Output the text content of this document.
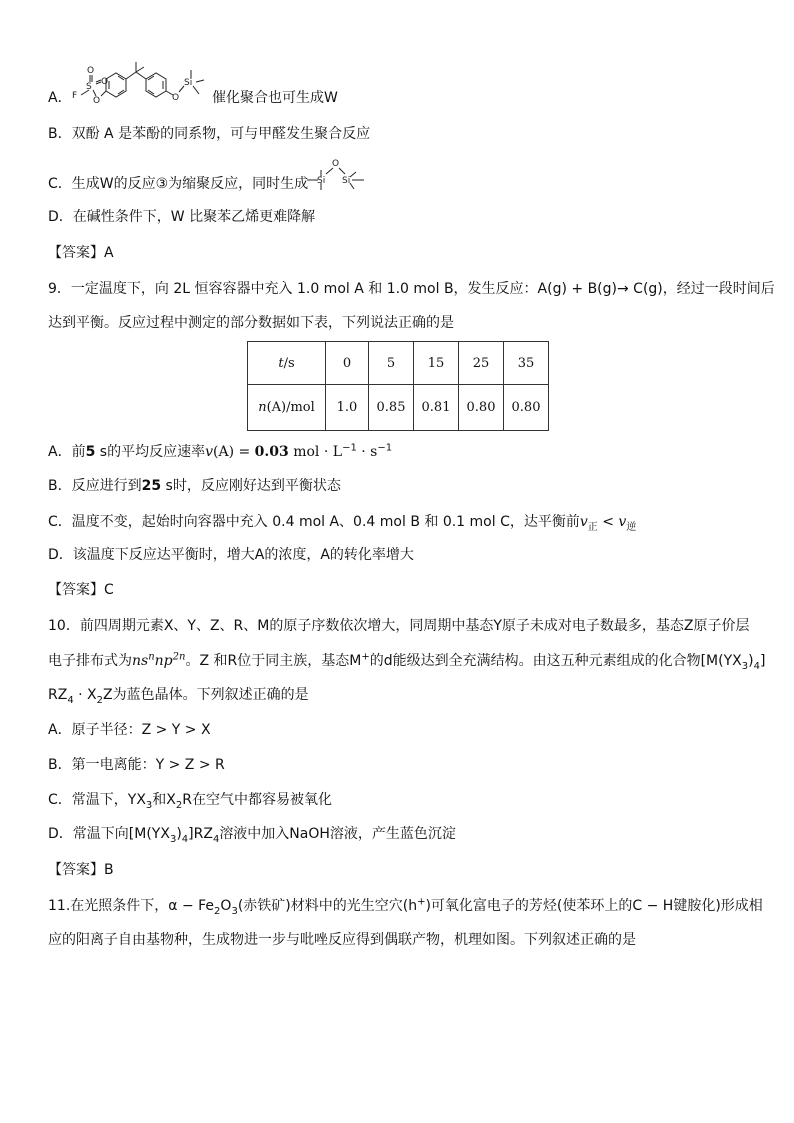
A． F
S
O
O
O	O
Si
催化聚合也可生成W
B．双酚 A 是苯酚的同系物，可与甲醛发生聚合反应
C．生成W的反应③为缩聚反应，同时生成
O
Si Si
D．在碱性条件下，W 比聚苯乙烯更难降解
【答案】A
9．一定温度下，向 2L 恒容容器中充入 1.0 mol A 和 1.0 mol B，发生反应：A(g) + B(g)→ C(g)，经过一段时间后
达到平衡。反应过程中测定的部分数据如下表，下列说法正确的是
t/s	0	5	15	25	35
n(A)/mol	1.0	0.85	0.81	0.80	0.80
A．前5 s的平均反应速率v(A) = 0.03 mol · $L^{-1} \cdot s^{-1}$
B．反应进行到25 s时，反应刚好达到平衡状态
C．温度不变，起始时向容器中充入 0.4 mol A、0.4 mol B 和 0.1 mol C，达平衡前$v_正 < v_逆$
D．该温度下反应达平衡时，增大A的浓度，A的转化率增大
【答案】C
10．前四周期元素X、Y、Z、R、M的原子序数依次增大，同周期中基态Y原子未成对电子数最多，基态Z原子价层
电子排布式为$ns^nnp^{2n}$。Z 和R位于同主族，基态M+的d能级达到全充满结构。由这五种元素组成的化合物$[M(YX_3)_4]$
$RZ_4 \cdot X_2Z$为蓝色晶体。下列叙述正确的是
A．原子半径：Z > Y > X
B．第一电离能：Y > Z > R
C．常温下，$YX_3$和$X_2R$在空气中都容易被氧化
D．常温下向$[M(YX_3)_4]RZ_4$溶液中加入NaOH溶液，产生蓝色沉淀
【答案】B
11.在光照条件下，$\alpha - Fe_2O_3$(赤铁矿)材料中的光生空穴(h+)可氧化富电子的芳烃(使苯环上的C − H键胺化)形成相
应的阳离子自由基物种，生成物进一步与吡唑反应得到偶联产物，机理如图。下列叙述正确的是
